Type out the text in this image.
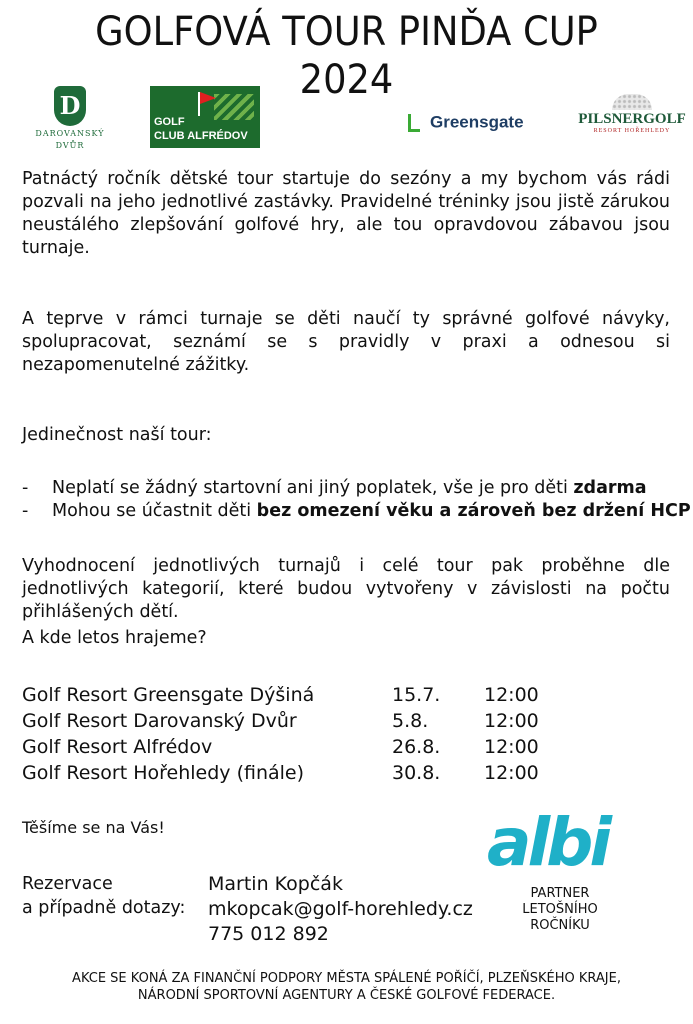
GOLFOVÁ TOUR PINĎA CUP
2024
D
DAROVANSKÝ
DVŮR
GOLF
CLUB ALFRÉDOV
Greensgate	PILSNERGOLF
RESORT HOŘEHLEDY
Patnáctý ročník dětské tour startuje do sezóny a my bychom vás rádi pozvali na jeho jednotlivé zastávky. Pravidelné tréninky jsou jistě zárukou neustálého zlepšování golfové hry, ale tou opravdovou zábavou jsou turnaje.
A teprve v rámci turnaje se děti naučí ty správné golfové návyky, spolupracovat, seznámí se s pravidly v praxi a odnesou si nezapomenutelné zážitky.
Jedinečnost naší tour:
- Neplatí se žádný startovní ani jiný poplatek, vše je pro děti zdarma
- Mohou se účastnit děti bez omezení věku a zároveň bez držení HCP
Vyhodnocení jednotlivých turnajů i celé tour pak proběhne dle jednotlivých kategorií, které budou vytvořeny v závislosti na počtu přihlášených dětí.
A kde letos hrajeme?
Golf Resort Greensgate Dýšiná	15.7. 12:00
Golf Resort Darovanský Dvůr	5.8.	12:00
Golf Resort Alfrédov	26.8. 12:00
Golf Resort Hořehledy (finále)	30.8. 12:00
Těšíme se na Vás!
Rezervace
a případně dotazy:
Martin Kopčák
mkopcak@golf-horehledy.cz
775 012 892
albi
PARTNER
LETOŠNÍHO
ROČNÍKU
AKCE SE KONÁ ZA FINANČNÍ PODPORY MĚSTA SPÁLENÉ POŘÍČÍ, PLZEŇSKÉHO KRAJE,
NÁRODNÍ SPORTOVNÍ AGENTURY A ČESKÉ GOLFOVÉ FEDERACE.
